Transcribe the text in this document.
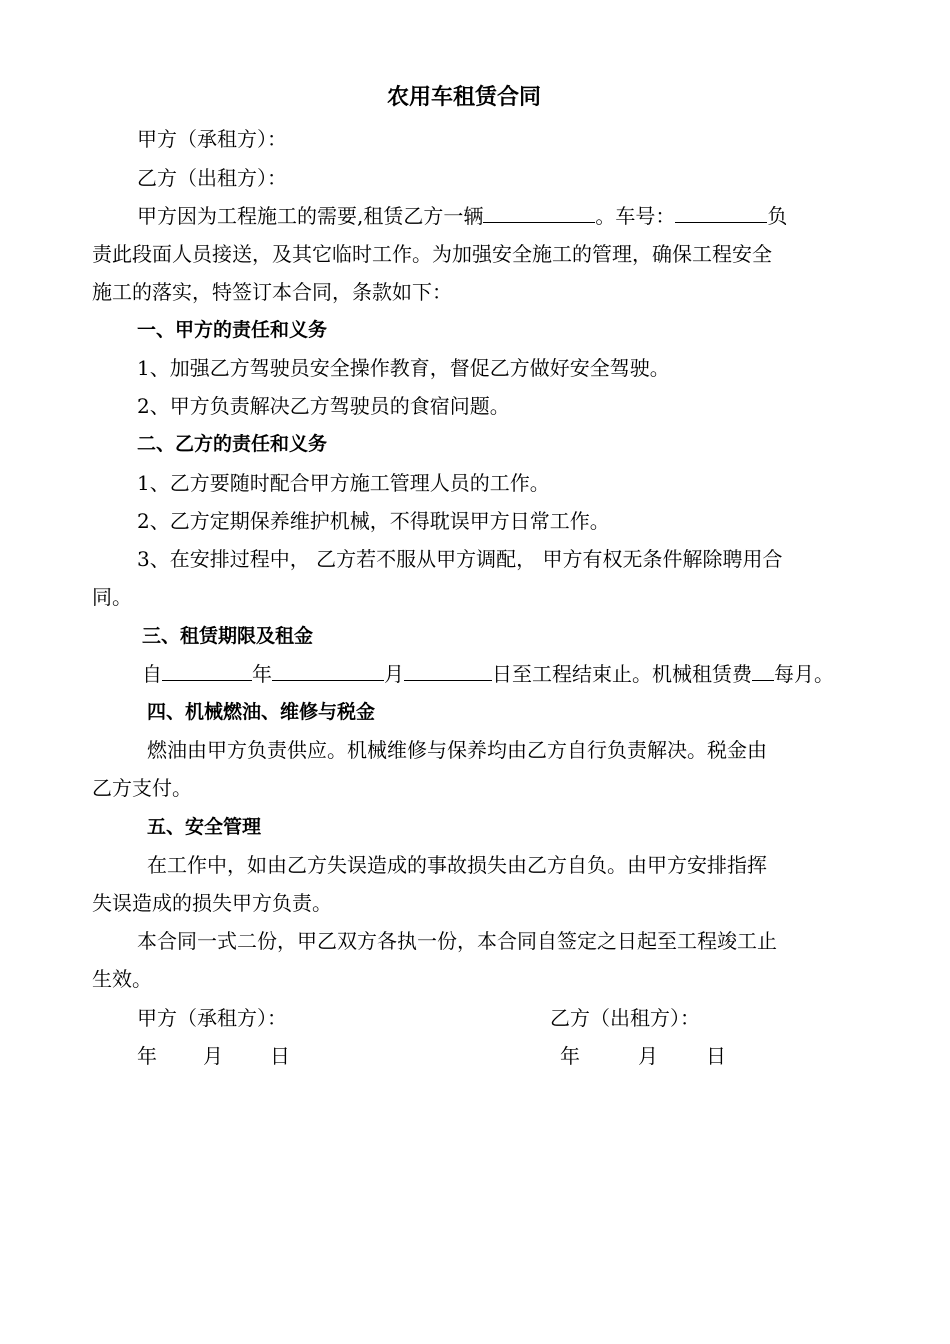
农用车租赁合同
甲方（承租方）：
乙方（出租方）：
甲方因为工程施工的需要,租赁乙方一辆	。车号：	负
责此段面人员接送，及其它临时工作。为加强安全施工的管理，确保工程安全
施工的落实，特签订本合同，条款如下：
一、甲方的责任和义务
1、加强乙方驾驶员安全操作教育，督促乙方做好安全驾驶。
2、甲方负责解决乙方驾驶员的食宿问题。
二、乙方的责任和义务
1、乙方要随时配合甲方施工管理人员的工作。
2、乙方定期保养维护机械，不得耽误甲方日常工作。
3、在安排过程中， 乙方若不服从甲方调配， 甲方有权无条件解除聘用合
同。
三、租赁期限及租金
自	年	月	日至工程结束止。机械租赁费 每月。
四、机械燃油、维修与税金
燃油由甲方负责供应。机械维修与保养均由乙方自行负责解决。税金由
乙方支付。
五、安全管理
在工作中，如由乙方失误造成的事故损失由乙方自负。由甲方安排指挥
失误造成的损失甲方负责。
本合同一式二份，甲乙双方各执一份，本合同自签定之日起至工程竣工止
生效。
甲方（承租方）：	乙方（出租方）：
年 月 日	年	月 日
